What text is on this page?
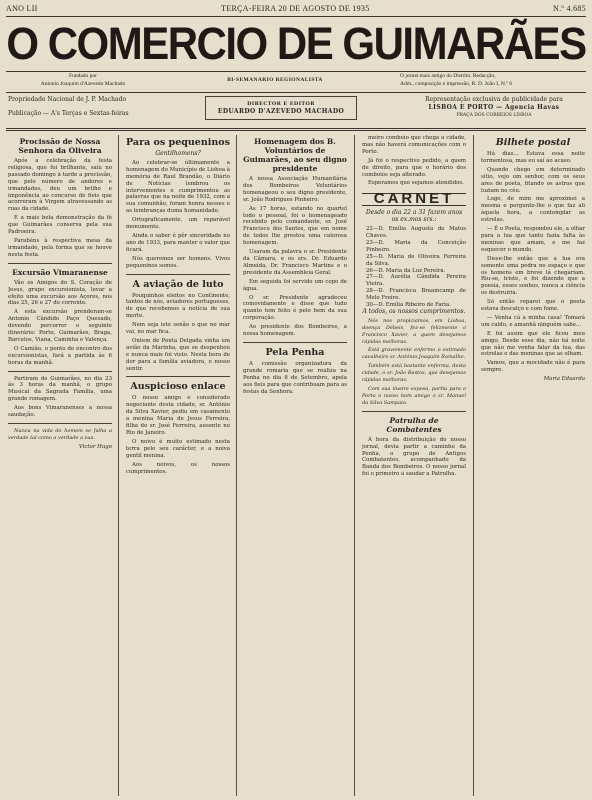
ANO LII	TERÇA-FEIRA 20 DE AGOSTO DE 1935	N.º 4.685
O COMERCIO DE GUIMARÃES
Fundado por
Antonio Joaquim d'Azevedo Machado
BI-SEMANARIO REGIONALISTA
O jornal mais antigo do Distrito. Redacção,
Adm., composição e impressão, R. D. João I, N.º 6
Propriedade Nacional de J. P. Machado
Publicação — A's Terças e Sextas-feiras
DIRECTOR E EDITOR
EDUARDO D'AZEVEDO MACHADO
Representação exclusiva de publicidade para
LISBOA E PORTO — Agencia Havas
PRAÇA DOS CORREIOS LISBOA
Procissão de Nossa Senhora da Oliveira

Após a celebração da festa religiosa, que foi brilhante, saíu no passado domingo à tarde a procissão, que pelo número de andores e irmandades, deu um brilho e imponência ao concurso de fieis que acorreram à Virgem atravessando as ruas da cidade.

É a mais bela demonstração da fé que Guimarães conserva pela sua Padroeira.

Parabéns à respectiva mesa da irmandade, pela forma que se houve nesta festa.

Excursão Vimaranense

Vão os Amigos do S. Coração de Jesus, grupo excursionista, levar a efeito uma excursão aos Açores, nos dias 25, 26 e 27 do corrente.

A esta excursão prenderam-se Antonio Cândido Paço Quesado, devendo percorrer o seguinte itinerário: Porto, Guimarães, Braga, Barcelos, Viana, Caminha e Valença.

O Camião, o ponto de encontro dos excursionistas, fará a partida às 6 horas da manhã.

Partiram de Guimarães, no dia 23 às 3 horas da manhã, o grupo Musical da Sagrada Família, uma grande romagem.

Aos bons Vimaranenses a nossa saudação.

Nunca na vida do homem se falha a verdade tal como a verdade a sua.

Victor Hugo
Para os pequeninos
Gentilhomens?

Ao celebrar-se últimamente a homenagem do Município de Lisboa à memória de Raul Brandão, o Diário de Notícias lembrou os intervenientes e cumprimentou as palavras que na noite de 1932, com a sua comunhão, foram honra nesses e as lembranças duma humanidade.

Ortograficamente, um reparável monumento.

Ainda o saber é pôr sinceridade no ano de 1933, para manter o valor que ficará.

Nós queremos ser homens. Vivos pequeninos somos.

A aviação de luto

Pouquinhos eleitos no Continente, tantos de nós, aviadores portugueses, de que recebemos a notícia de sua morte.

Nem seja isto senão o que no mar vai, no mar fica.

Ontem de Ponta Delgada vinha um avião da Marinha, que se despenhou e nunca mais foi visto. Nesta hora de dor para a família aviadora, o nosso sentir.

Auspicioso enlace

O nosso amigo e considerado negociante desta cidade, sr. António da Silva Xavier, pediu em casamento a menina Maria de Jesus Ferreira, filha do sr. José Ferreira, ausente no Rio de Janeiro.

O noivo é muito estimado nesta terra pelo seu carácter, e a noiva gentil menina.

Aos noivos, os nossos cumprimentos.

Homenagem dos B. Voluntários de Guimarães, ao seu digno presidente

A nossa Associação Humanitária dos Bombeiros Voluntários homenageou o seu digno presidente, sr. João Rodrigues Pinheiro.

Às 17 horas, estando no quartel todo o pessoal, foi o homenageado recebido pelo comandante, sr. José Francisco dos Santos, que em nome de todos lhe prestou uma calorosa homenagem.

Usaram da palavra o sr. Presidente da Câmara, e os srs. Dr. Eduardo Almeida, Dr. Francisco Martins e o presidente da Assembleia Geral.

Em seguida foi servido um copo de água.

O sr. Presidente agradeceu comovidamente e disse que tudo quanto tem feito é pelo bem da sua corporação.

Ao presidente dos Bombeiros, a nossa homenagem.

Pela Penha

A comissão organizadora da grande romaria que se realiza na Penha no dia 8 de Setembro, apela aos fieis para que contribuam para as festas da Senhora.

meiro comboio que chega à cidade, mas não haverá comunicações com o Porto.

Já foi o respectivo pedido, a quem de direito, para que o horário dos comboios seja alterado.

Esperamos que sejamos atendidos.

CARNET
Desde o dia 22 a 31 fazem anos os ex.mos srs.:
22—D. Emília Augusta de Matos Chaves.
23—D. Maria da Conceição Pinheiro.
25—D. Maria de Oliveira Ferreira da Silva.
26—D. Maria da Luz Pereira.
27—D. Aurélia Cândida Pereira Vieira.
28—D. Francisca Braamcamp de Melo Freire.
30—D. Emília Ribeiro de Faria.
A todos, os nossos cumprimentos.

Nós nos propiciamos, em Lisboa, doença Débeis, fez-se felizmente o Francisco Xavier, a quem desejamos rápidas melhoras.

Está gravemente enfermo o estimado cavalheiro sr. António Joaquim Ramalho.

Também está bastante enferma, desta cidade, o sr. João Bastos, que desejamos rápidas melhoras.

Com sua ilustre esposa, partiu para o Porto o nosso bom amigo o sr. Manuel da Silva Sampaio.

Patrulha de Combatentes

A hora da distribuição do nosso jornal, devia partir a caminho da Penha, o grupo de Antigos Combatentes, acompanhado da Banda dos Bombeiros. O nosso jornal foi o primeiro a saudar a Patrulha.

Bilhete postal

Há dias... Estava essa noite tormentosa, mas eu saí ao acaso.

Quando chego em determinado sítio, vejo um senhor, com os seus ares de poeta, fitando os astros que luziam no céu.

Logo, de mim me aproximei a mesma e pergunto-lhe o que faz ali àquela hora, a contemplar as estrelas.

— É o Poeta, respondeu ele, a olhar para a lua que tanto fazia falta às meninas que amam, e me faz esquecer o mundo.

Disse-lhe então que a lua era somente uma pedra no espaço e que os homens em breve lá chegariam. Riu-se, triste, e foi dizendo que a poesia, esses sonhos, nunca a ciência os destruiria.

Só então reparei que o poeta estava descalço e com fome.

— Venha cá a minha casa! Tomará um caldo, e amanhã ninguém sabe...

E foi assim que ele ficou meu amigo. Desde esse dia, não há noite que não me venha falar da lua, das estrelas e das meninas que as olham.

Vamos, que a mocidade não é para sempre.

Maria Eduarda
